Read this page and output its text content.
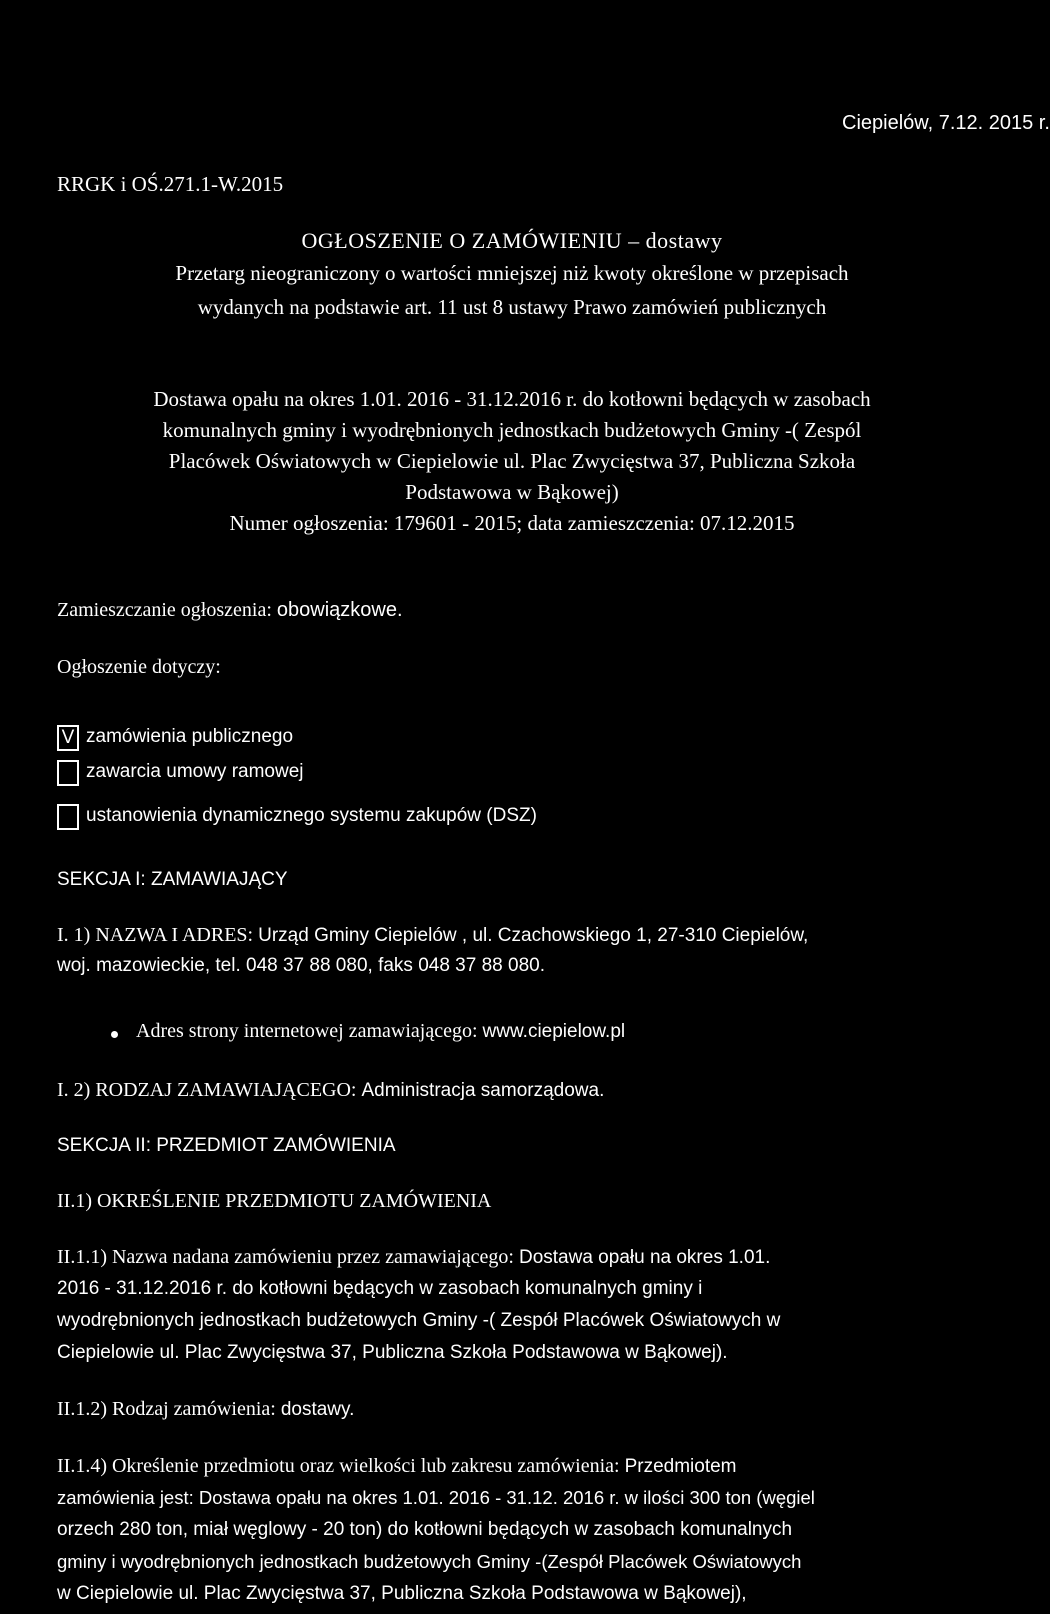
Ciepielów, 7.12. 2015 r.
RRGK i OŚ.271.1-W.2015
OGŁOSZENIE O ZAMÓWIENIU – dostawy
Przetarg nieograniczony o wartości mniejszej niż kwoty określone w przepisach
wydanych na podstawie art. 11 ust 8 ustawy Prawo zamówień publicznych
Dostawa opału na okres 1.01. 2016 - 31.12.2016 r. do kotłowni będących w zasobach
komunalnych gminy i wyodrębnionych jednostkach budżetowych Gminy -( Zespól
Placówek Oświatowych w Ciepielowie ul. Plac Zwycięstwa 37, Publiczna Szkoła
Podstawowa w Bąkowej)
Numer ogłoszenia: 179601 - 2015; data zamieszczenia: 07.12.2015
Zamieszczanie ogłoszenia: obowiązkowe.
Ogłoszenie dotyczy:
V zamówienia publicznego
zawarcia umowy ramowej
ustanowienia dynamicznego systemu zakupów (DSZ)
SEKCJA I: ZAMAWIAJĄCY
I. 1) NAZWA I ADRES: Urząd Gminy Ciepielów , ul. Czachowskiego 1, 27-310 Ciepielów,
woj. mazowieckie, tel. 048 37 88 080, faks 048 37 88 080.
Adres strony internetowej zamawiającego: www.ciepielow.pl
I. 2) RODZAJ ZAMAWIAJĄCEGO: Administracja samorządowa.
SEKCJA II: PRZEDMIOT ZAMÓWIENIA
II.1) OKREŚLENIE PRZEDMIOTU ZAMÓWIENIA
II.1.1) Nazwa nadana zamówieniu przez zamawiającego: Dostawa opału na okres 1.01.
2016 - 31.12.2016 r. do kotłowni będących w zasobach komunalnych gminy i
wyodrębnionych jednostkach budżetowych Gminy -( Zespół Placówek Oświatowych w
Ciepielowie ul. Plac Zwycięstwa 37, Publiczna Szkoła Podstawowa w Bąkowej).
II.1.2) Rodzaj zamówienia: dostawy.
II.1.4) Określenie przedmiotu oraz wielkości lub zakresu zamówienia: Przedmiotem
zamówienia jest: Dostawa opału na okres 1.01. 2016 - 31.12. 2016 r. w ilości 300 ton (węgiel
orzech 280 ton, miał węglowy - 20 ton) do kotłowni będących w zasobach komunalnych
gminy i wyodrębnionych jednostkach budżetowych Gminy -(Zespół Placówek Oświatowych
w Ciepielowie ul. Plac Zwycięstwa 37, Publiczna Szkoła Podstawowa w Bąkowej),
